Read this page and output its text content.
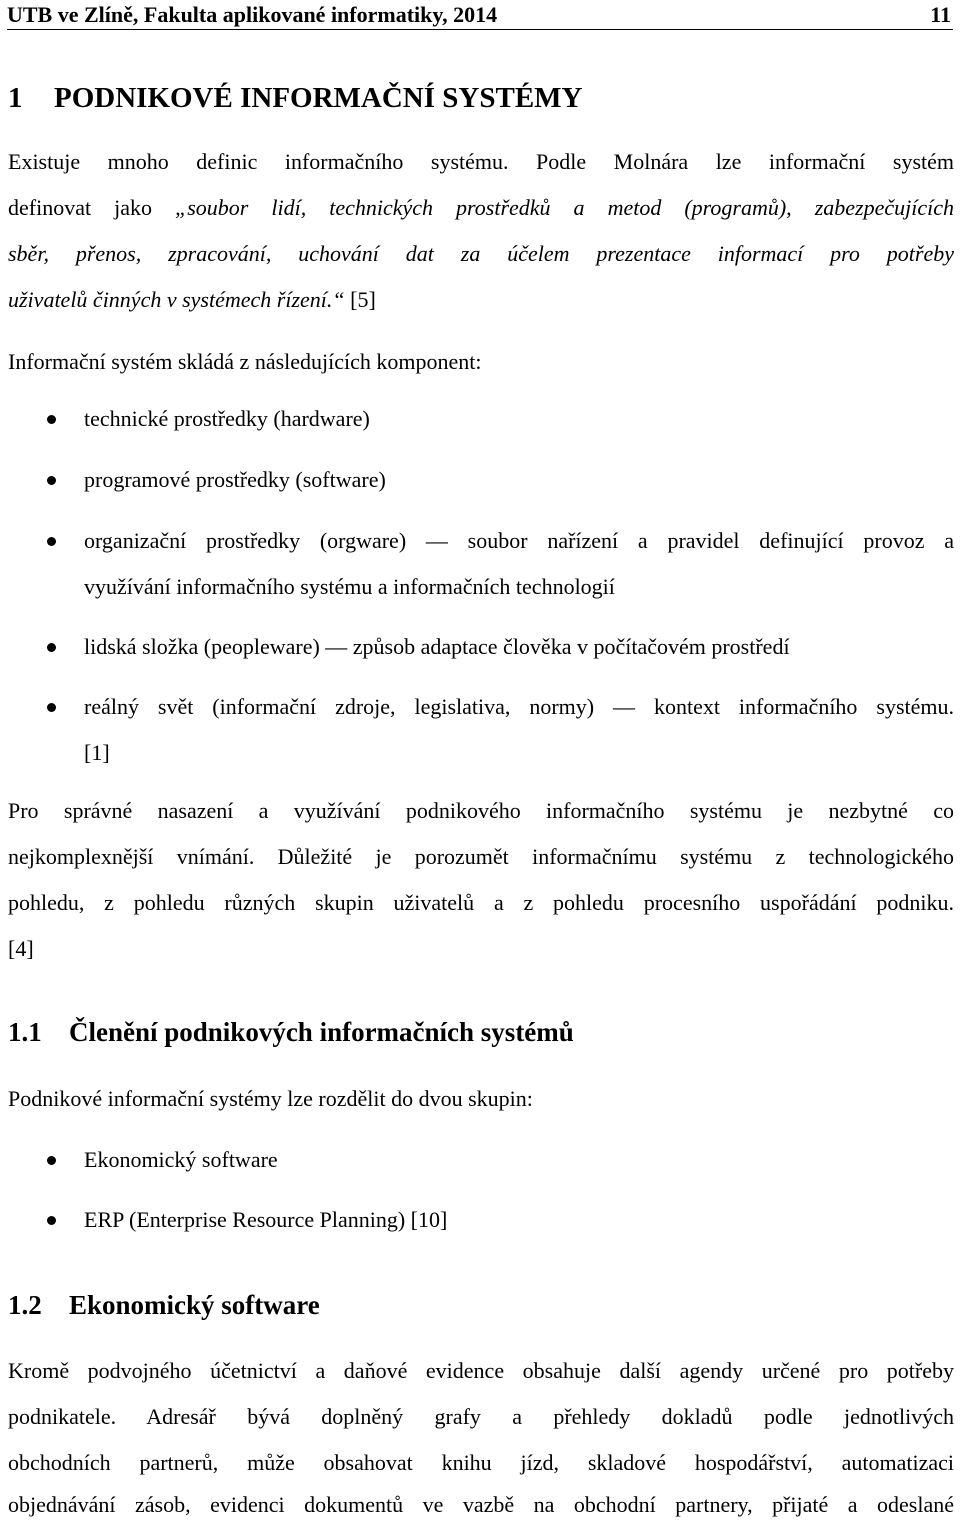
UTB ve Zlíně, Fakulta aplikované informatiky, 2014	11
1 PODNIKOVÉ INFORMAČNÍ SYSTÉMY
Existuje mnoho definic informačního systému. Podle Molnára lze informační systém
definovat jako „soubor lidí, technických prostředků a metod (programů), zabezpečujících
sběr, přenos, zpracování, uchování dat za účelem prezentace informací pro potřeby
uživatelů činných v systémech řízení.“ [5]
Informační systém skládá z následujících komponent:
technické prostředky (hardware)
programové prostředky (software)
organizační prostředky (orgware) — soubor nařízení a pravidel definující provoz a
využívání informačního systému a informačních technologií
lidská složka (peopleware) — způsob adaptace člověka v počítačovém prostředí
reálný svět (informační zdroje, legislativa, normy) — kontext informačního systému.
[1]
Pro správné nasazení a využívání podnikového informačního systému je nezbytné co
nejkomplexnější vnímání. Důležité je porozumět informačnímu systému z technologického
pohledu, z pohledu různých skupin uživatelů a z pohledu procesního uspořádání podniku.
[4]
1.1 Členění podnikových informačních systémů
Podnikové informační systémy lze rozdělit do dvou skupin:
Ekonomický software
ERP (Enterprise Resource Planning) [10]
1.2 Ekonomický software
Kromě podvojného účetnictví a daňové evidence obsahuje další agendy určené pro potřeby
podnikatele. Adresář bývá doplněný grafy a přehledy dokladů podle jednotlivých
obchodních partnerů, může obsahovat knihu jízd, skladové hospodářství, automatizaci
objednávání zásob, evidenci dokumentů ve vazbě na obchodní partnery, přijaté a odeslané
